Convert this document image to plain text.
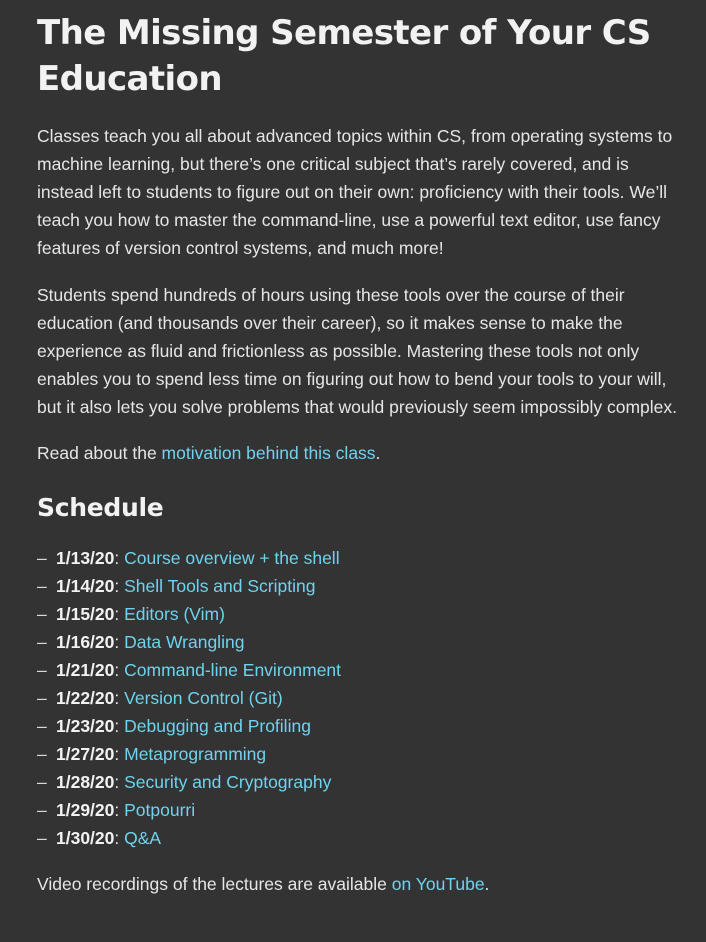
The Missing Semester of Your CS Education

Classes teach you all about advanced topics within CS, from operating systems to machine learning, but there’s one critical subject that’s rarely covered, and is instead left to students to figure out on their own: proficiency with their tools. We’ll teach you how to master the command-line, use a powerful text editor, use fancy features of version control systems, and much more!

Students spend hundreds of hours using these tools over the course of their education (and thousands over their career), so it makes sense to make the experience as fluid and frictionless as possible. Mastering these tools not only enables you to spend less time on figuring out how to bend your tools to your will, but it also lets you solve problems that would previously seem impossibly complex.

Read about the motivation behind this class.

Schedule
– 1/13/20: Course overview + the shell
– 1/14/20: Shell Tools and Scripting
– 1/15/20: Editors (Vim)
– 1/16/20: Data Wrangling
– 1/21/20: Command-line Environment
– 1/22/20: Version Control (Git)
– 1/23/20: Debugging and Profiling
– 1/27/20: Metaprogramming
– 1/28/20: Security and Cryptography
– 1/29/20: Potpourri
– 1/30/20: Q&A

Video recordings of the lectures are available on YouTube.
